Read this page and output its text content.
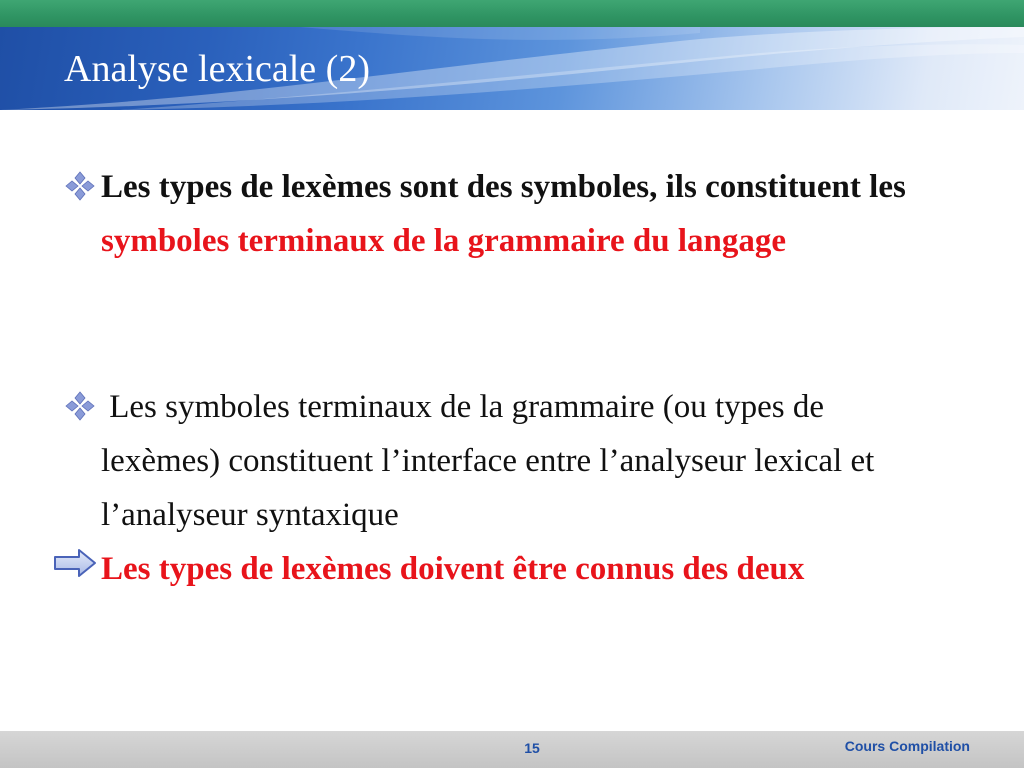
Analyse lexicale (2)
Les types de lexèmes sont des symboles, ils constituent les symboles terminaux de la grammaire du langage
Les symboles terminaux de la grammaire (ou types de lexèmes) constituent l’interface entre l’analyseur lexical et l’analyseur syntaxique
Les types de lexèmes doivent être connus des deux
15	Cours Compilation
